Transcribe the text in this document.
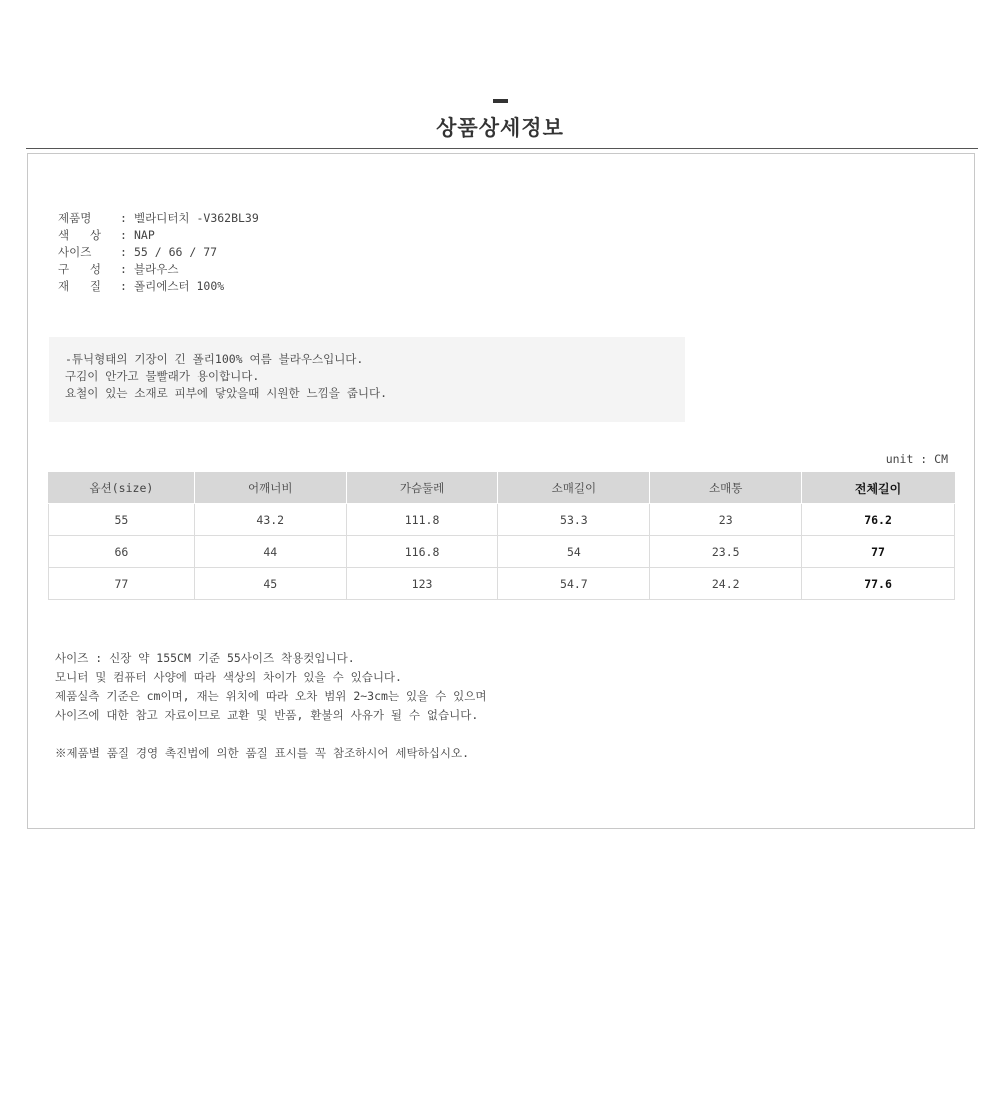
상품상세정보
제품명	: 벨라디터치 -V362BL39
색   상	: NAP
사이즈	: 55 / 66 / 77
구   성	: 블라우스
재   질	: 폴리에스터 100%
-튜닉형태의 기장이 긴 폴리100% 여름 블라우스입니다.
구김이 안가고 물빨래가 용이합니다.
요철이 있는 소재로 피부에 닿았을때 시원한 느낌을 줍니다.
unit : CM
옵션(size)	어깨너비	가슴둘레	소매길이	소매통	전체길이
55	43.2	111.8	53.3	23	76.2
66	44	116.8	54	23.5	77
77	45	123	54.7	24.2	77.6
사이즈 : 신장 약 155CM 기준 55사이즈 착용컷입니다.
모니터 및 컴퓨터 사양에 따라 색상의 차이가 있을 수 있습니다.
제품실측 기준은 cm이며, 재는 위치에 따라 오차 범위 2~3cm는 있을 수 있으며
사이즈에 대한 참고 자료이므로 교환 및 반품, 환불의 사유가 될 수 없습니다.
※제품별 품질 경영 촉진법에 의한 품질 표시를 꼭 참조하시어 세탁하십시오.
